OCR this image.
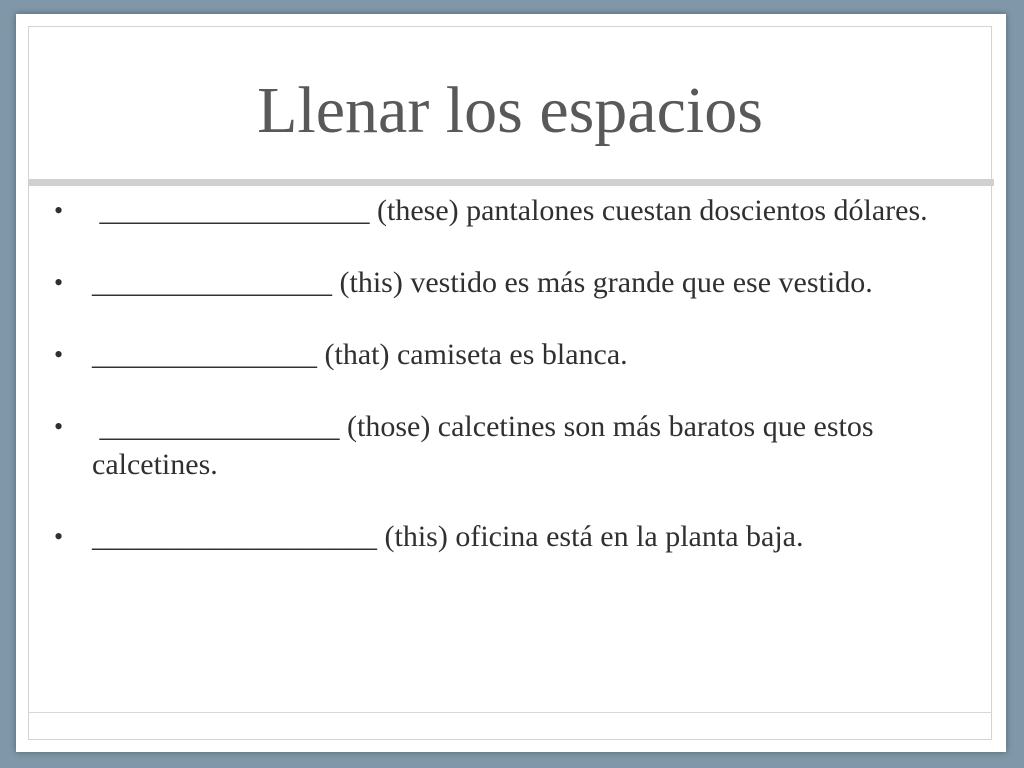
Llenar los espacios
• __________________ (these) pantalones cuestan doscientos dólares.
• ________________ (this) vestido es más grande que ese vestido.
• _______________ (that) camiseta es blanca.
• ________________ (those) calcetines son más baratos que estos calcetines.
• ___________________ (this) oficina está en la planta baja.
